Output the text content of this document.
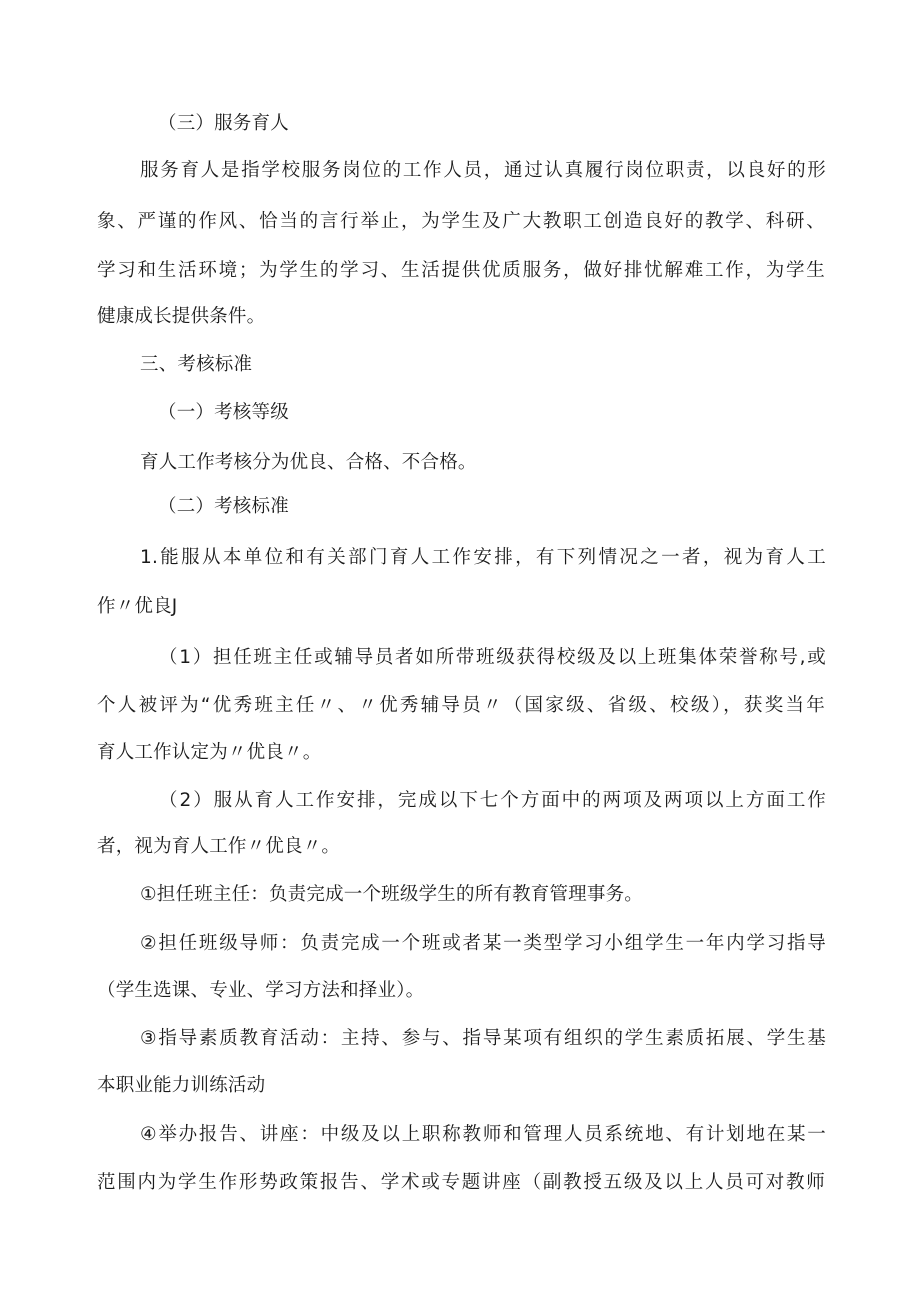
（三）服务育人
服务育人是指学校服务岗位的工作人员，通过认真履行岗位职责，以良好的形
象、严谨的作风、恰当的言行举止，为学生及广大教职工创造良好的教学、科研、
学习和生活环境；为学生的学习、生活提供优质服务，做好排忧解难工作，为学生
健康成长提供条件。
三、考核标准
（一）考核等级
育人工作考核分为优良、合格、不合格。
（二）考核标准
1.能服从本单位和有关部门育人工作安排，有下列情况之一者，视为育人工
作〃优良J
（1）担任班主任或辅导员者如所带班级获得校级及以上班集体荣誉称号,或
个人被评为“优秀班主任〃、〃优秀辅导员〃（国家级、省级、校级），获奖当年
育人工作认定为〃优良〃。
（2）服从育人工作安排，完成以下七个方面中的两项及两项以上方面工作
者，视为育人工作〃优良〃。
①担任班主任：负责完成一个班级学生的所有教育管理事务。
②担任班级导师：负责完成一个班或者某一类型学习小组学生一年内学习指导
（学生选课、专业、学习方法和择业）。
③指导素质教育活动：主持、参与、指导某项有组织的学生素质拓展、学生基
本职业能力训练活动
④举办报告、讲座：中级及以上职称教师和管理人员系统地、有计划地在某一
范围内为学生作形势政策报告、学术或专题讲座（副教授五级及以上人员可对教师
